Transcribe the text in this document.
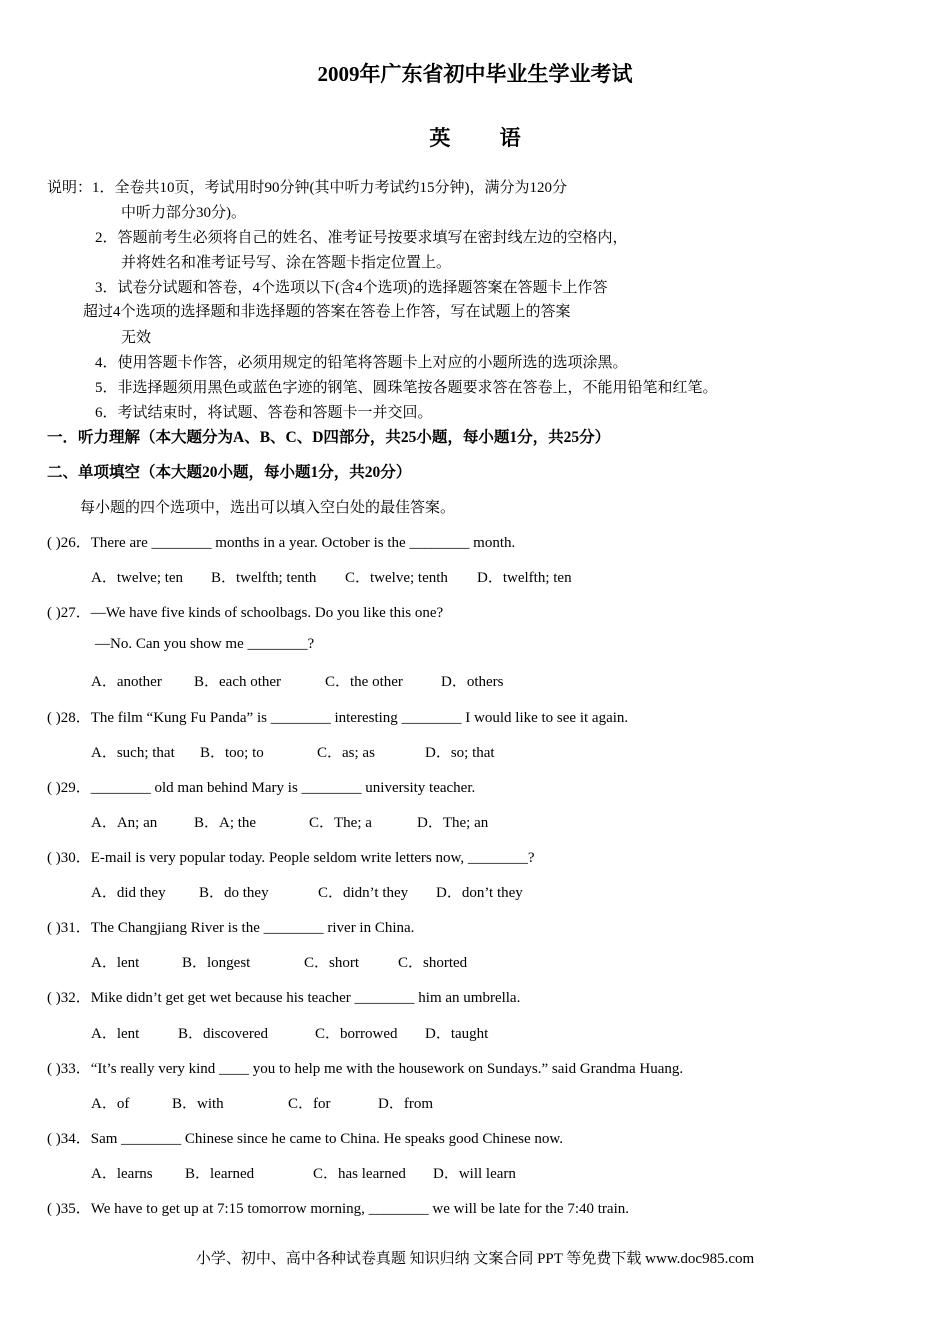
2009年广东省初中毕业生学业考试
英 语
说明：1．全卷共10页，考试用时90分钟(其中听力考试约15分钟)，满分为120分
中听力部分30分)。
2．答题前考生必须将自己的姓名、准考证号按要求填写在密封线左边的空格内，
并将姓名和准考证号写、涂在答题卡指定位置上。
3．试卷分试题和答卷，4个选项以下(含4个选项)的选择题答案在答题卡上作答
超过4个选项的选择题和非选择题的答案在答卷上作答，写在试题上的答案
无效
4．使用答题卡作答，必须用规定的铅笔将答题卡上对应的小题所选的选项涂黑。
5．非选择题须用黑色或蓝色字迹的钢笔、圆珠笔按各题要求答在答卷上，不能用铅笔和红笔。
6．考试结束时，将试题、答卷和答题卡一并交回。
一．听力理解（本大题分为A、B、C、D四部分，共25小题，每小题1分，共25分）
二、单项填空（本大题20小题，每小题1分，共20分）
每小题的四个选项中，选出可以填入空白处的最佳答案。
( )26．There are ________ months in a year. October is the ________ month.
A．twelve; ten B．twelfth; tenth C．twelve; tenth D．twelfth; ten
( )27．—We have five kinds of schoolbags. Do you like this one?
—No. Can you show me ________?
A．another B．each other	C．the other	D．others
( )28．The film “Kung Fu Panda” is ________ interesting ________ I would like to see it again.
A．such; that B．too; to	C．as; as	D．so; that
( )29．________ old man behind Mary is ________ university teacher.
A．An; an B．A; the	C．The; a	D．The; an
( )30．E-mail is very popular today. People seldom write letters now, ________?
A．did they B．do they	C．didn’t they D．don’t they
( )31．The Changjiang River is the ________ river in China.
A．lent	B．longest	C．short	C．shorted
( )32．Mike didn’t get get wet because his teacher ________ him an umbrella.
A．lent	B．discovered	C．borrowed D．taught
( )33．“It’s really very kind ____ you to help me with the housework on Sundays.” said Grandma Huang.
A．of	B．with	C．for	D．from
( )34．Sam ________ Chinese since he came to China. He speaks good Chinese now.
A．learns B．learned	C．has learned D．will learn
( )35．We have to get up at 7:15 tomorrow morning, ________ we will be late for the 7:40 train.
小学、初中、高中各种试卷真题 知识归纳 文案合同 PPT 等免费下载 www.doc985.com
